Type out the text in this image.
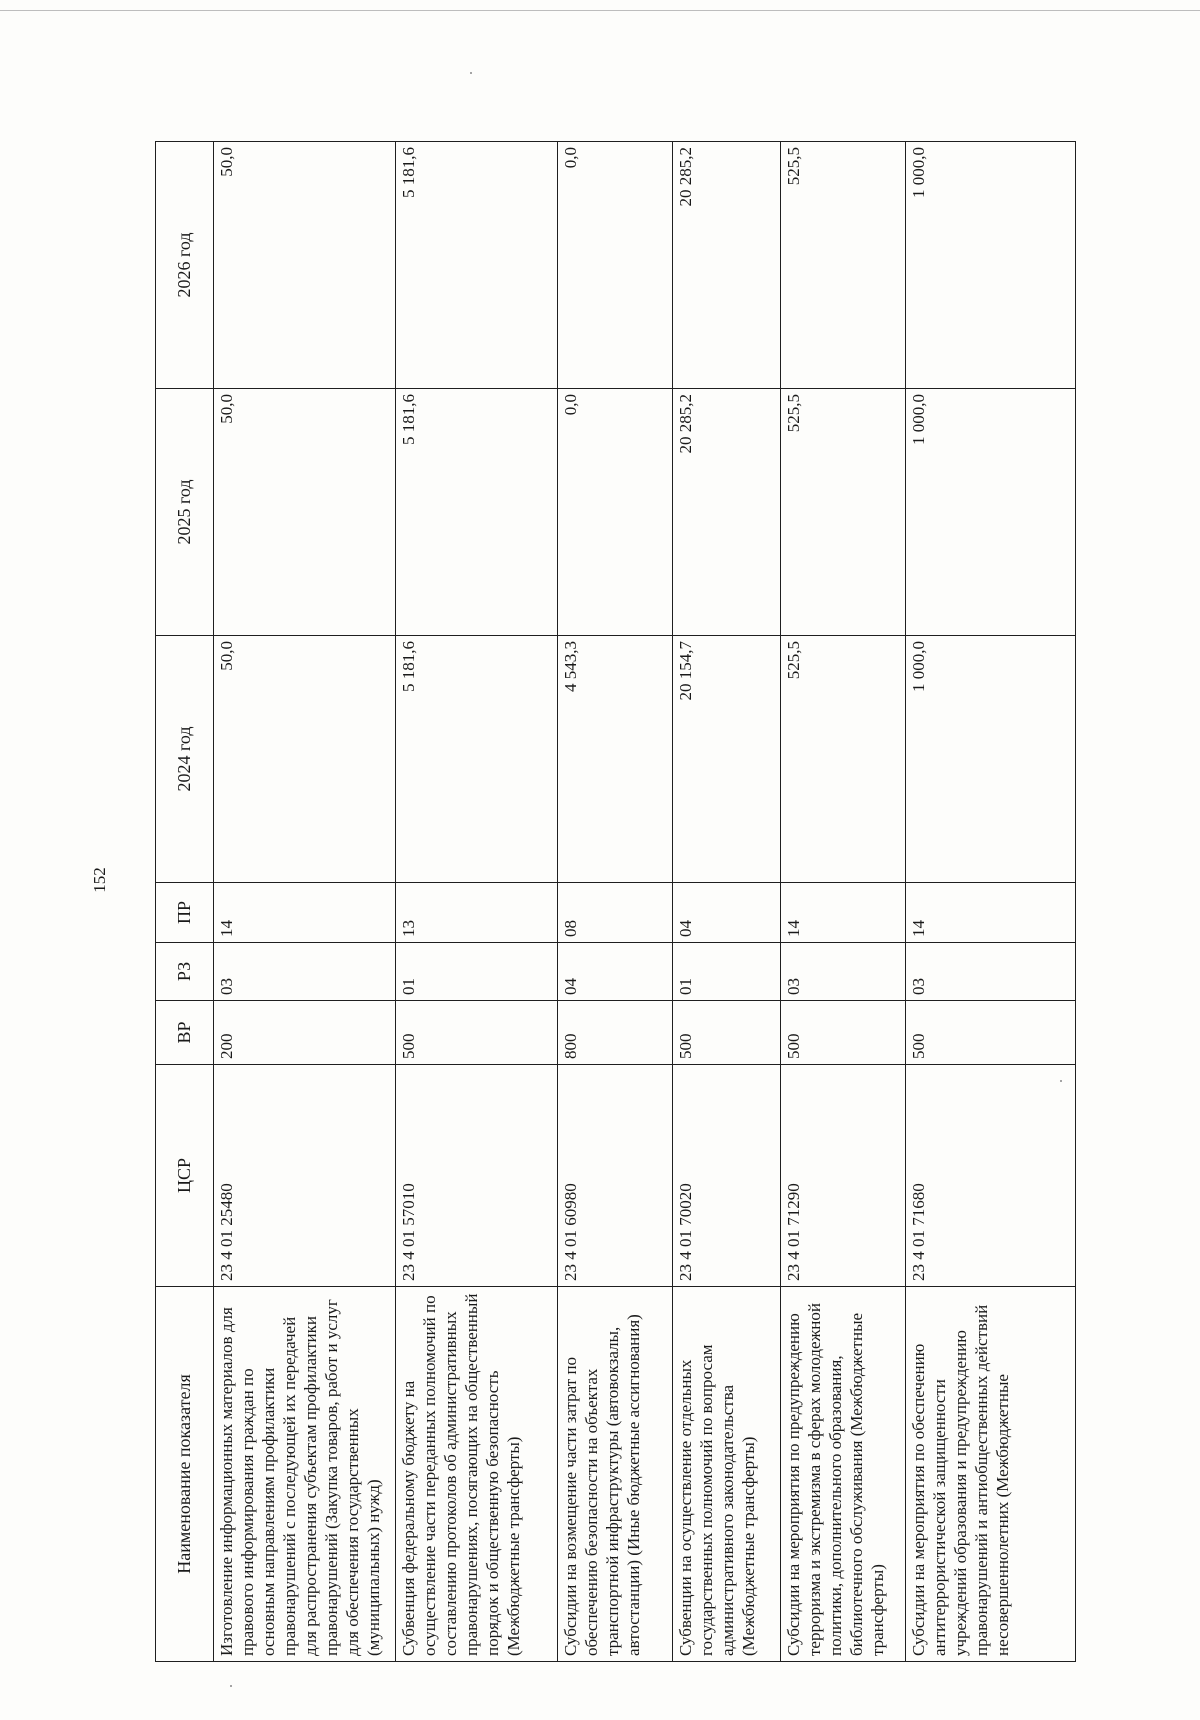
152
Наименование показателя	ЦСР	ВР	РЗ	ПР	2024 год	2025 год	2026 год
Изготовление информационных материалов для правового информирования граждан по основным направлениям профилактики правонарушений с последующей их передачей для распространения субъектам профилактики правонарушений (Закупка товаров, работ и услуг для обеспечения государственных (муниципальных) нужд)	23 4 01 25480	200	03	14	50,0	50,0	50,0
Субвенция федеральному бюджету на осуществление части переданных полномочий по составлению протоколов об административных правонарушениях, посягающих на общественный порядок и общественную безопасность (Межбюджетные трансферты)	23 4 01 57010	500	01	13	5 181,6	5 181,6	5 181,6
Субсидии на возмещение части затрат по обеспечению безопасности на объектах транспортной инфраструктуры (автовокзалы, автостанции) (Иные бюджетные ассигнования)	23 4 01 60980	800	04	08	4 543,3	0,0	0,0
Субвенции на осуществление отдельных государственных полномочий по вопросам административного законодательства (Межбюджетные трансферты)	23 4 01 70020	500	01	04	20 154,7	20 285,2	20 285,2
Субсидии на мероприятия по предупреждению терроризма и экстремизма в сферах молодежной политики, дополнительного образования, библиотечного обслуживания (Межбюджетные трансферты)	23 4 01 71290	500	03	14	525,5	525,5	525,5
Субсидии на мероприятия по обеспечению антитеррористической защищенности учреждений образования и предупреждению правонарушений и антиобщественных действий несовершеннолетних (Межбюджетные	23 4 01 71680	500	03	14	1 000,0	1 000,0	1 000,0
